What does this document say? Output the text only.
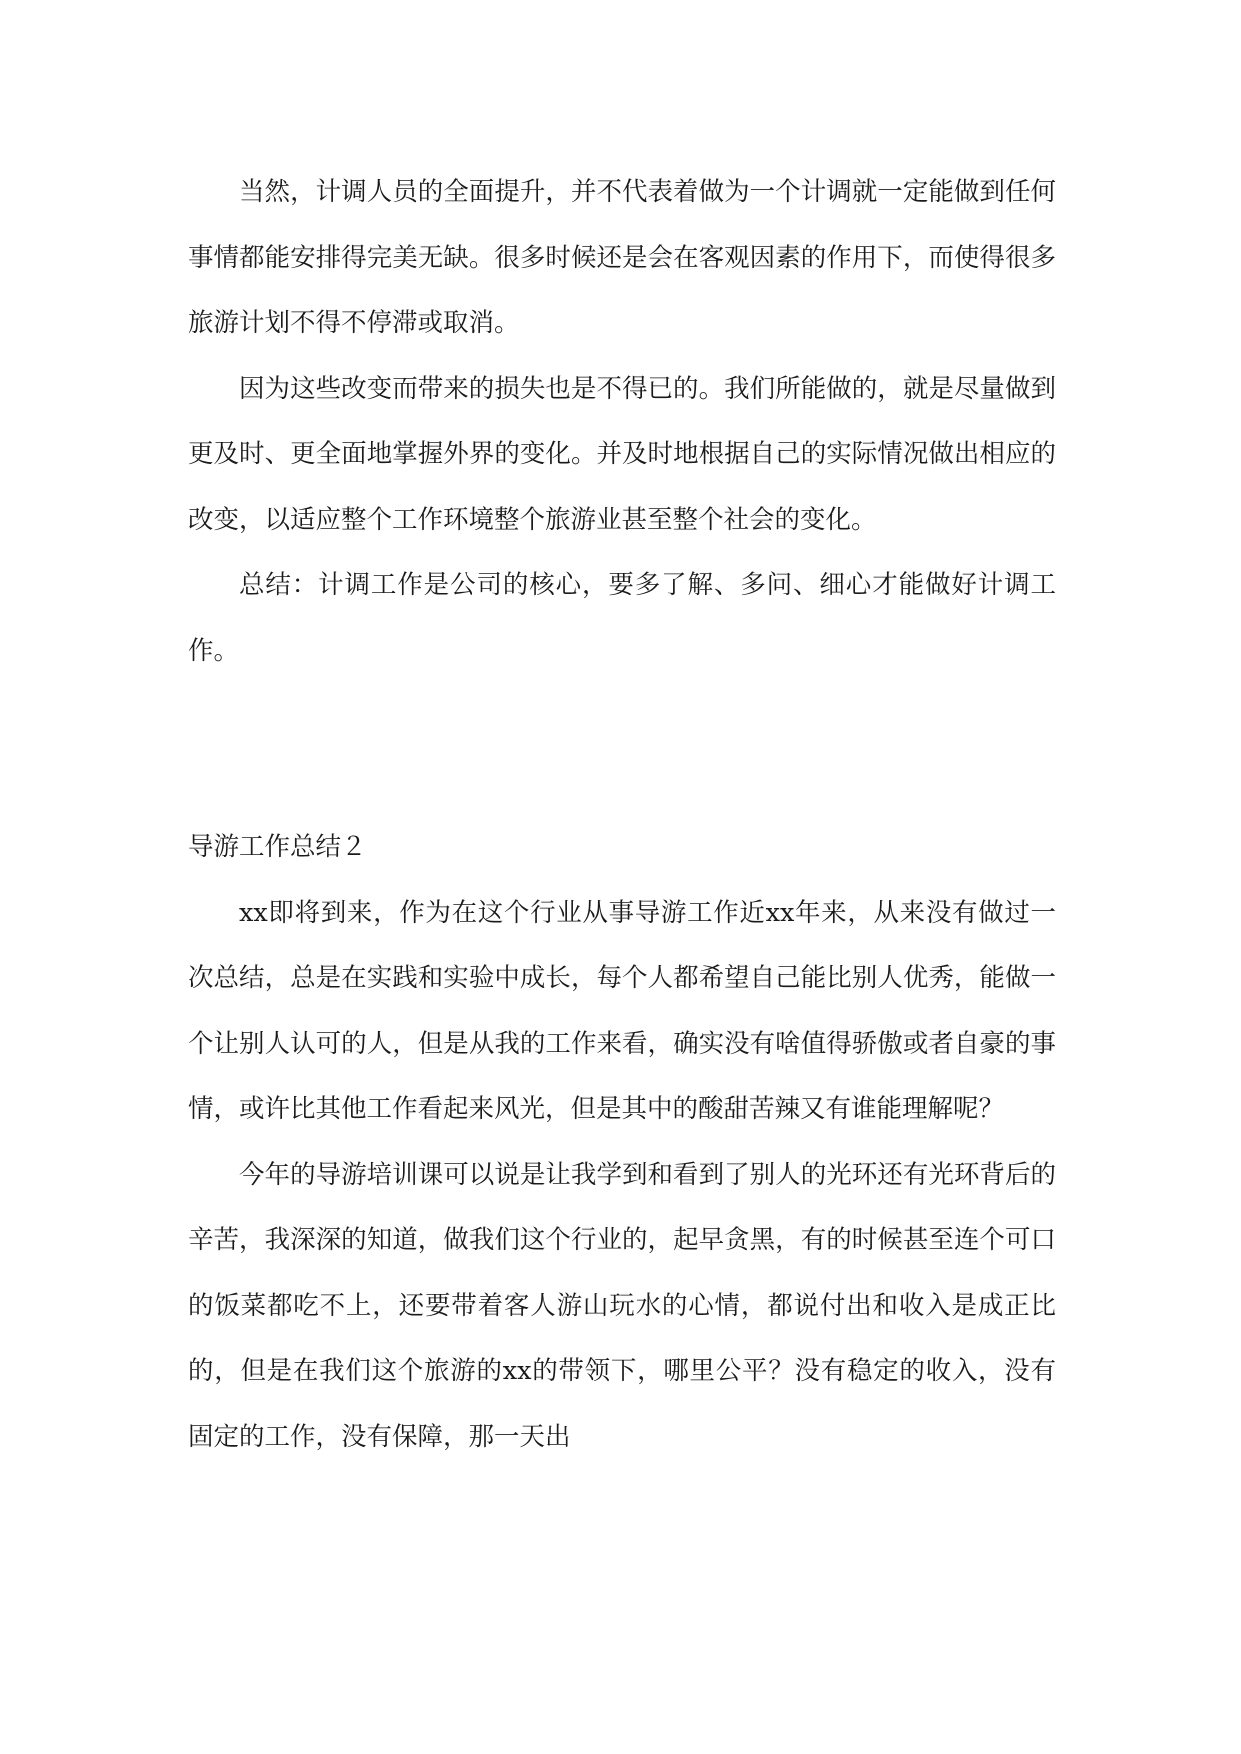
当然，计调人员的全面提升，并不代表着做为一个计调就一定能做到任何事情都能安排得完美无缺。很多时候还是会在客观因素的作用下，而使得很多旅游计划不得不停滞或取消。

因为这些改变而带来的损失也是不得已的。我们所能做的，就是尽量做到更及时、更全面地掌握外界的变化。并及时地根据自己的实际情况做出相应的改变，以适应整个工作环境整个旅游业甚至整个社会的变化。

总结：计调工作是公司的核心，要多了解、多问、细心才能做好计调工作。

导游工作总结２

xx即将到来，作为在这个行业从事导游工作近xx年来，从来没有做过一次总结，总是在实践和实验中成长，每个人都希望自己能比别人优秀，能做一个让别人认可的人，但是从我的工作来看，确实没有啥值得骄傲或者自豪的事情，或许比其他工作看起来风光，但是其中的酸甜苦辣又有谁能理解呢？

今年的导游培训课可以说是让我学到和看到了别人的光环还有光环背后的辛苦，我深深的知道，做我们这个行业的，起早贪黑，有的时候甚至连个可口的饭菜都吃不上，还要带着客人游山玩水的心情，都说付出和收入是成正比的，但是在我们这个旅游的xx的带领下，哪里公平？没有稳定的收入，没有固定的工作，没有保障，那一天出
